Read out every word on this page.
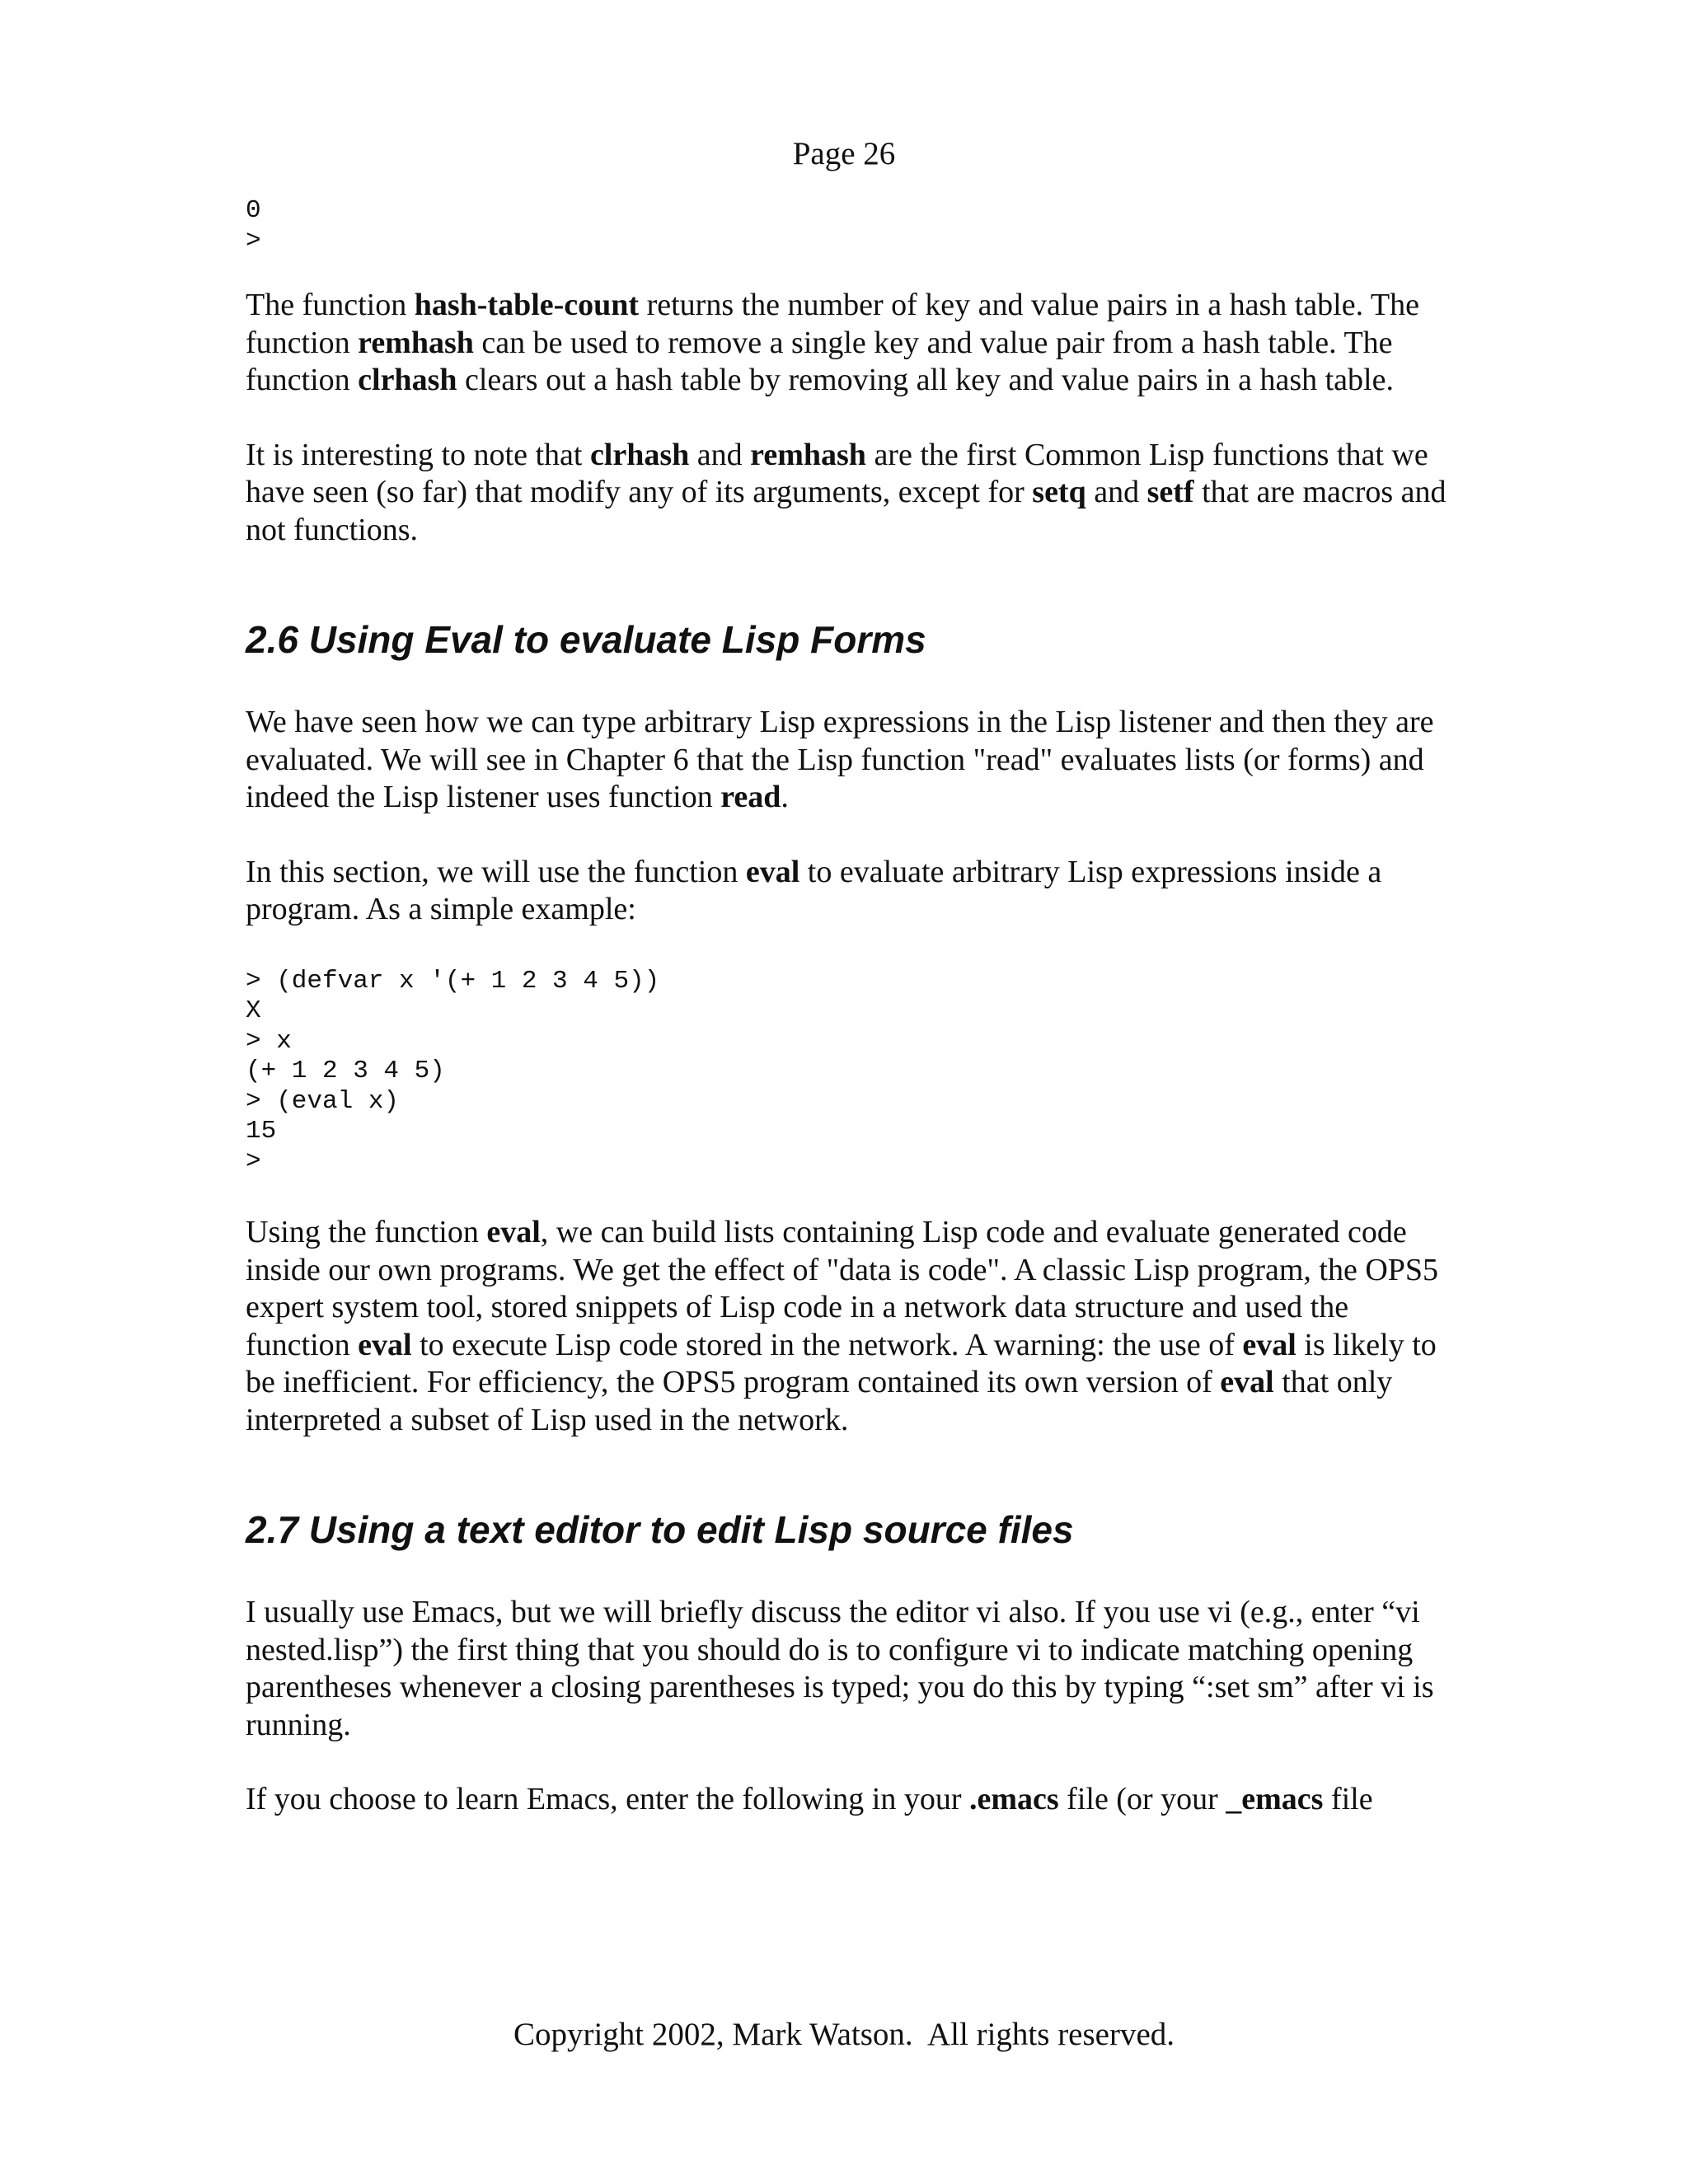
Page 26
0
>

The function hash-table-count returns the number of key and value pairs in a hash table. The function remhash can be used to remove a single key and value pair from a hash table. The function clrhash clears out a hash table by removing all key and value pairs in a hash table.

It is interesting to note that clrhash and remhash are the first Common Lisp functions that we have seen (so far) that modify any of its arguments, except for setq and setf that are macros and not functions.

2.6 Using Eval to evaluate Lisp Forms

We have seen how we can type arbitrary Lisp expressions in the Lisp listener and then they are evaluated. We will see in Chapter 6 that the Lisp function "read" evaluates lists (or forms) and indeed the Lisp listener uses function read.

In this section, we will use the function eval to evaluate arbitrary Lisp expressions inside a program. As a simple example:

> (defvar x '(+ 1 2 3 4 5))
X
> x
(+ 1 2 3 4 5)
> (eval x)
15
>

Using the function eval, we can build lists containing Lisp code and evaluate generated code inside our own programs. We get the effect of "data is code". A classic Lisp program, the OPS5 expert system tool, stored snippets of Lisp code in a network data structure and used the function eval to execute Lisp code stored in the network. A warning: the use of eval is likely to be inefficient. For efficiency, the OPS5 program contained its own version of eval that only interpreted a subset of Lisp used in the network.

2.7 Using a text editor to edit Lisp source files

I usually use Emacs, but we will briefly discuss the editor vi also. If you use vi (e.g., enter “vi nested.lisp”) the first thing that you should do is to configure vi to indicate matching opening parentheses whenever a closing parentheses is typed; you do this by typing “:set sm” after vi is running.

If you choose to learn Emacs, enter the following in your .emacs file (or your _emacs file

Copyright 2002, Mark Watson.  All rights reserved.
